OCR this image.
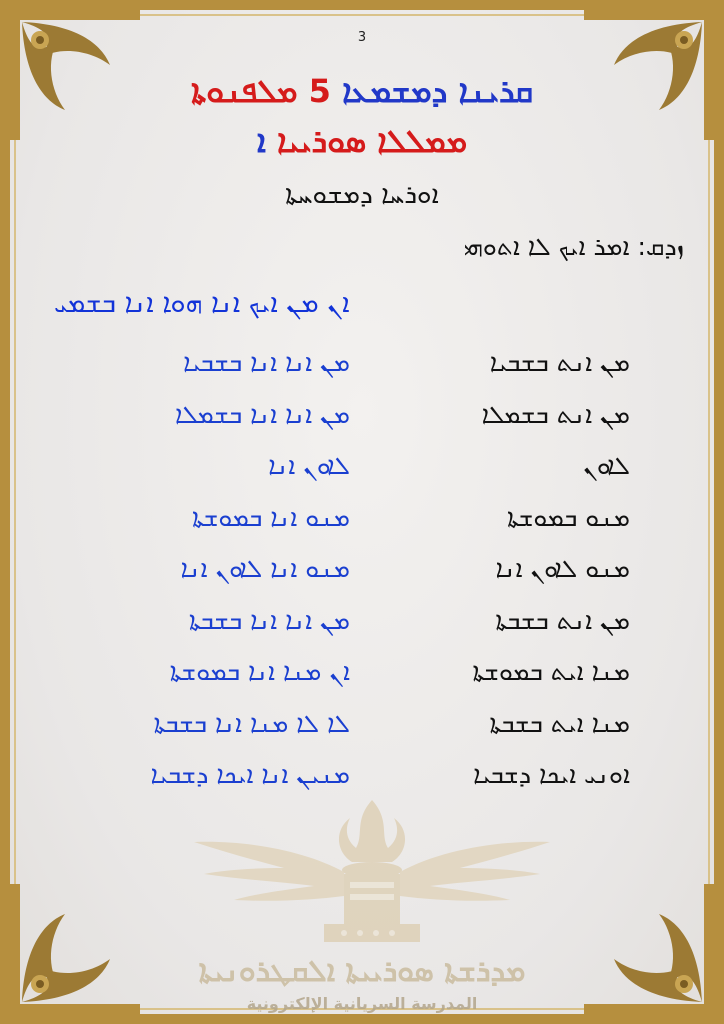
3
ܩܪܝܢܐ ܕܡܫܡܥܐ 5 ܡܠܦܢܘܬܐ
ܡܡܠܠܐ ܣܘܪܝܝܐ ܐ
ܐܘܪܚܐ ܕܡܫܘܚܬܐ
ܙܕܩ: ܐܡܪ ܐܝܟ ܠܐ ܐܬܘܗܝ
ܐܢ ܡܢ ܐܝܟ ܐܢܐ ܗܘܐ ܐܢܐ ܒܫܡܝ
ܡܢ ܐܢܬ ܒܫܒܝܐ
ܡܢ ܐܢܐ ܐܢܐ ܒܫܒܝܐ
ܡܢ ܐܢܬ ܒܫܡܠܐ
ܡܢ ܐܢܐ ܐܢܐ ܒܫܡܠܐ
ܠܐܘܢ
ܠܐܘܢ ܐܢܐ
ܡܢܘ ܒܡܘܫܬܐ
ܡܢܘ ܐܢܐ ܒܡܘܫܬܐ
ܡܢܘ ܠܐܘܢ ܐܢܐ
ܡܢܘ ܐܢܐ ܠܐܘܢ ܐܢܐ
ܡܢ ܐܢܬ ܒܫܒܬܐ
ܡܢ ܐܢܐ ܐܢܐ ܒܫܒܬܐ
ܡܢܐ ܐܝܬ ܒܡܘܫܬܐ
ܐܢ ܡܢܐ ܐܢܐ ܒܡܘܫܬܐ
ܡܢܐ ܐܝܬ ܒܫܒܬܐ
ܠܐ ܠܐ ܡܢܐ ܐܢܐ ܒܫܒܬܐ
ܐܘܢܝ ܐܝܟܐ ܕܫܒܝܐ
ܡܢܝܢ ܐܢܐ ܐܝܟܐ ܕܫܒܝܐ
ܡܕܪܫܬܐ ܣܘܪܝܝܬܐ ܐܠܩܛܪܘܢܝܬܐ
المدرسة السريانية الإلكترونية
